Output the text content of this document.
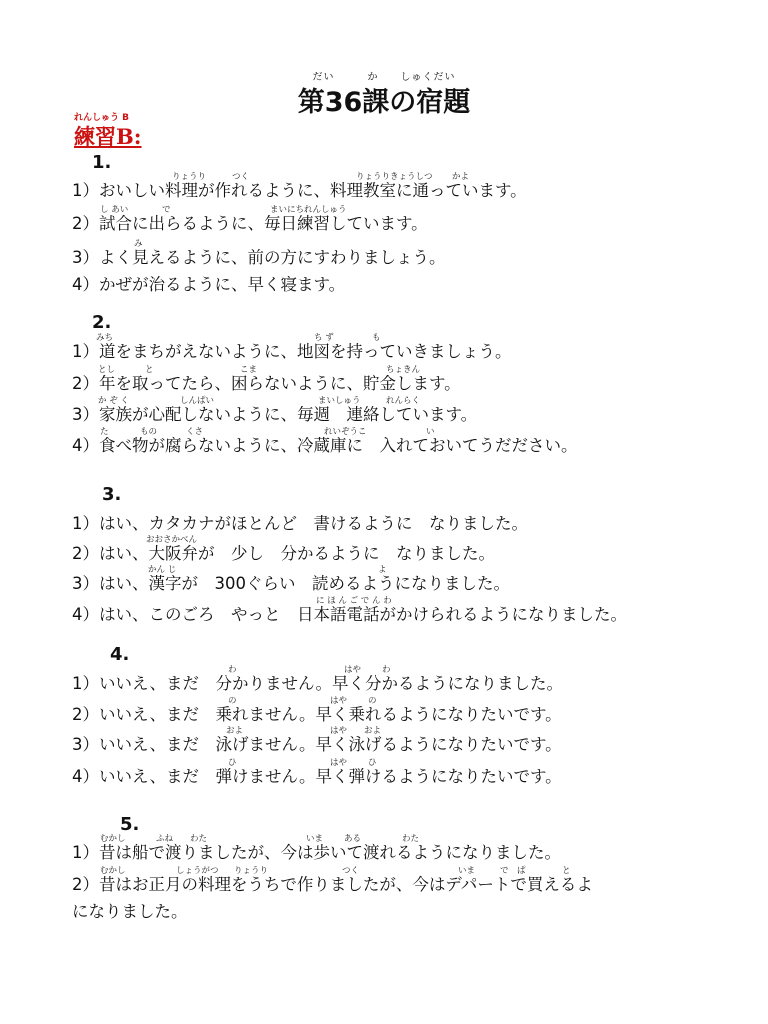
だい　　　か　　しゅくだい
第36課の宿題
れんしゅう B
練習B:
1.
りょうり	つく	りょうりきょうしつ かよ
1）おいしい料理が作れるように、料理教室に通っています。
し あい	で	まいにちれんしゅう
2）試合に出らるように、毎日練習しています。
み
3）よく見えるように、前の方にすわりましょう。
4）かぜが治るように、早く寝ます。
2.
みち	ち ず	も
1）道をまちがえないように、地図を持っていきましょう。
とし	と	こま	ちょきん
2）年を取ってたら、困らないように、貯金します。
か ぞ く	しんぱい	まいしゅう	れんらく
3）家族が心配しないように、毎週　連絡しています。
た	もの	くさ	れいぞうこ	い
4）食べ物が腐らないように、冷蔵庫に　入れておいてうだださい。
3.
1）はい、カタカナがほとんど　書けるように　なりました。
おおさかべん
2）はい、大阪弁が　少し　分かるように　なりました。
かん じ	よ
3）はい、漢字が　300ぐらい　読めるようになりました。
に ほ ん ご で ん わ
4）はい、このごろ　やっと　日本語電話がかけられるようになりました。
4.
わ	はや わ
1）いいえ、まだ　分かりません。早く分かるようになりました。
の	はや の
2）いいえ、まだ　乗れません。早く乗れるようになりたいです。
およ	はや およ
3）いいえ、まだ　泳げません。早く泳げるようになりたいです。
ひ	はや ひ
4）いいえ、まだ　弾けません。早く弾けるようになりたいです。
5.
むかし	ふね わた	いま ある	わた
1）昔は船で渡りましたが、今は歩いて渡れるようになりました。
むかし	しょうがつ りょうり	つく	いま	で　ぱ	と
2）昔はお正月の料理をうちで作りましたが、今はデパートで買えるよ
になりました。
